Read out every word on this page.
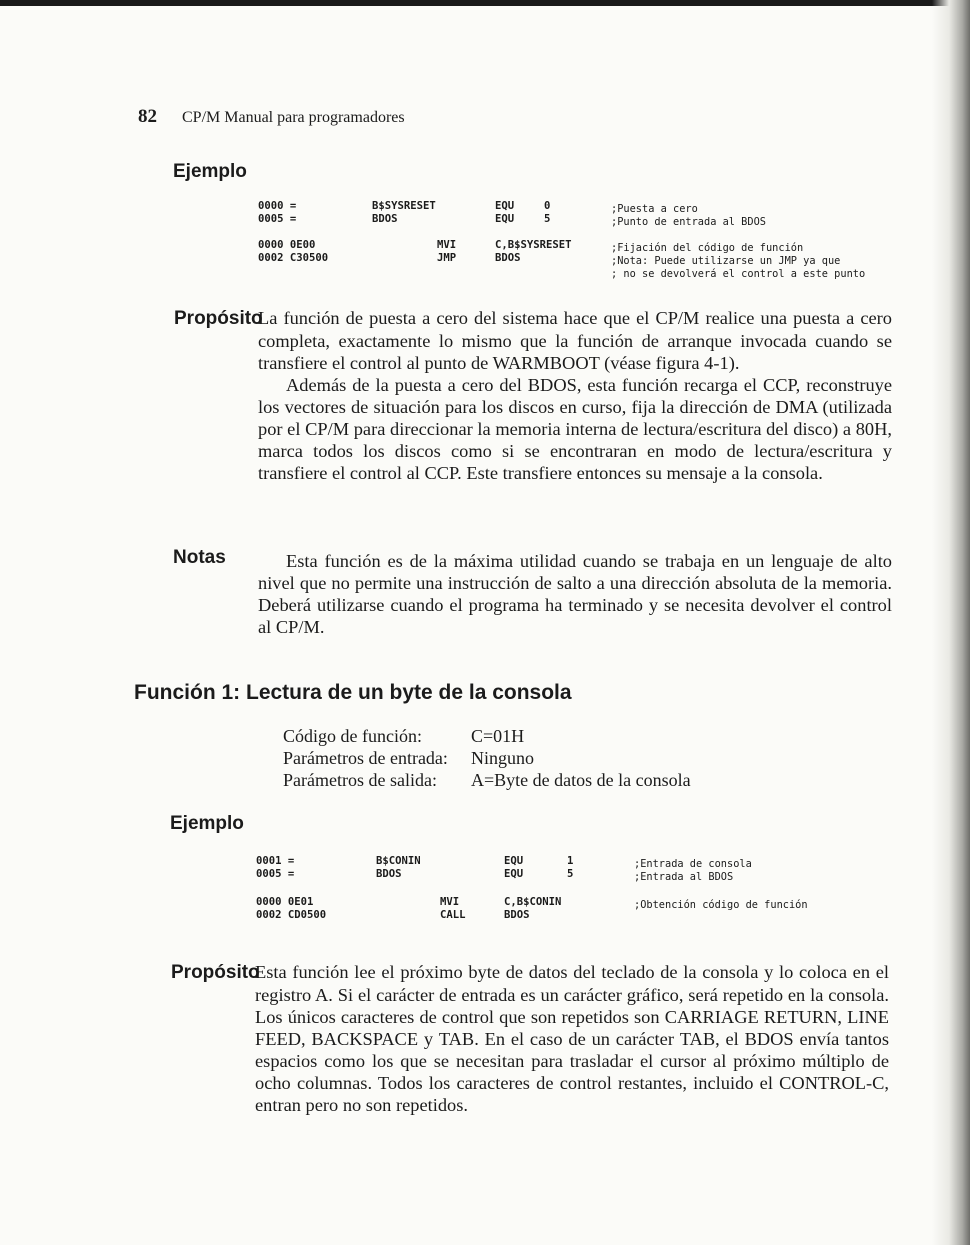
82 CP/M Manual para programadores
Ejemplo
0000 =	B$SYSRESET	EQU	0	;Puesta a cero
0005 =	BDOS	EQU	5	;Punto de entrada al BDOS
0000 0E00	MVI	C,B$SYSRESET	;Fijación del código de función
0002 C30500	JMP	BDOS	;Nota: Puede utilizarse un JMP ya que
; no se devolverá el control a este punto

PropósitoLa función de puesta a cero del sistema hace que el CP/M realice una puesta a cero completa, exactamente lo mismo que la función de arranque invocada cuando se transfiere el control al punto de WARMBOOT (véase figura 4-1).

Además de la puesta a cero del BDOS, esta función recarga el CCP, reconstruye los vectores de situación para los discos en curso, fija la dirección de DMA (utilizada por el CP/M para direccionar la memoria interna de lectura/escritura del disco) a 80H, marca todos los discos como si se encontraran en modo de lectura/escritura y transfiere el control al CCP. Este transfiere entonces su mensaje a la consola.

Notas	Esta función es de la máxima utilidad cuando se trabaja en un lenguaje de alto nivel que no permite una instrucción de salto a una dirección absoluta de la memoria. Deberá utilizarse cuando el programa ha terminado y se necesita devolver el control al CP/M.

Función 1: Lectura de un byte de la consola
Código de función:	C=01H
Parámetros de entrada: Ninguno
Parámetros de salida: A=Byte de datos de la consola
Ejemplo
0001 =	B$CONIN	EQU	1	;Entrada de consola
0005 =	BDOS	EQU	5	;Entrada al BDOS
0000 0E01	MVI	C,B$CONIN	;Obtención código de función
0002 CD0500	CALL	BDOS

PropósitoEsta función lee el próximo byte de datos del teclado de la consola y lo coloca en el registro A. Si el carácter de entrada es un carácter gráfico, será repetido en la consola. Los únicos caracteres de control que son repetidos son CARRIAGE RETURN, LINE FEED, BACKSPACE y TAB. En el caso de un carácter TAB, el BDOS envía tantos espacios como los que se necesitan para trasladar el cursor al próximo múltiplo de ocho columnas. Todos los caracteres de control restantes, incluido el CONTROL-C, entran pero no son repetidos.
